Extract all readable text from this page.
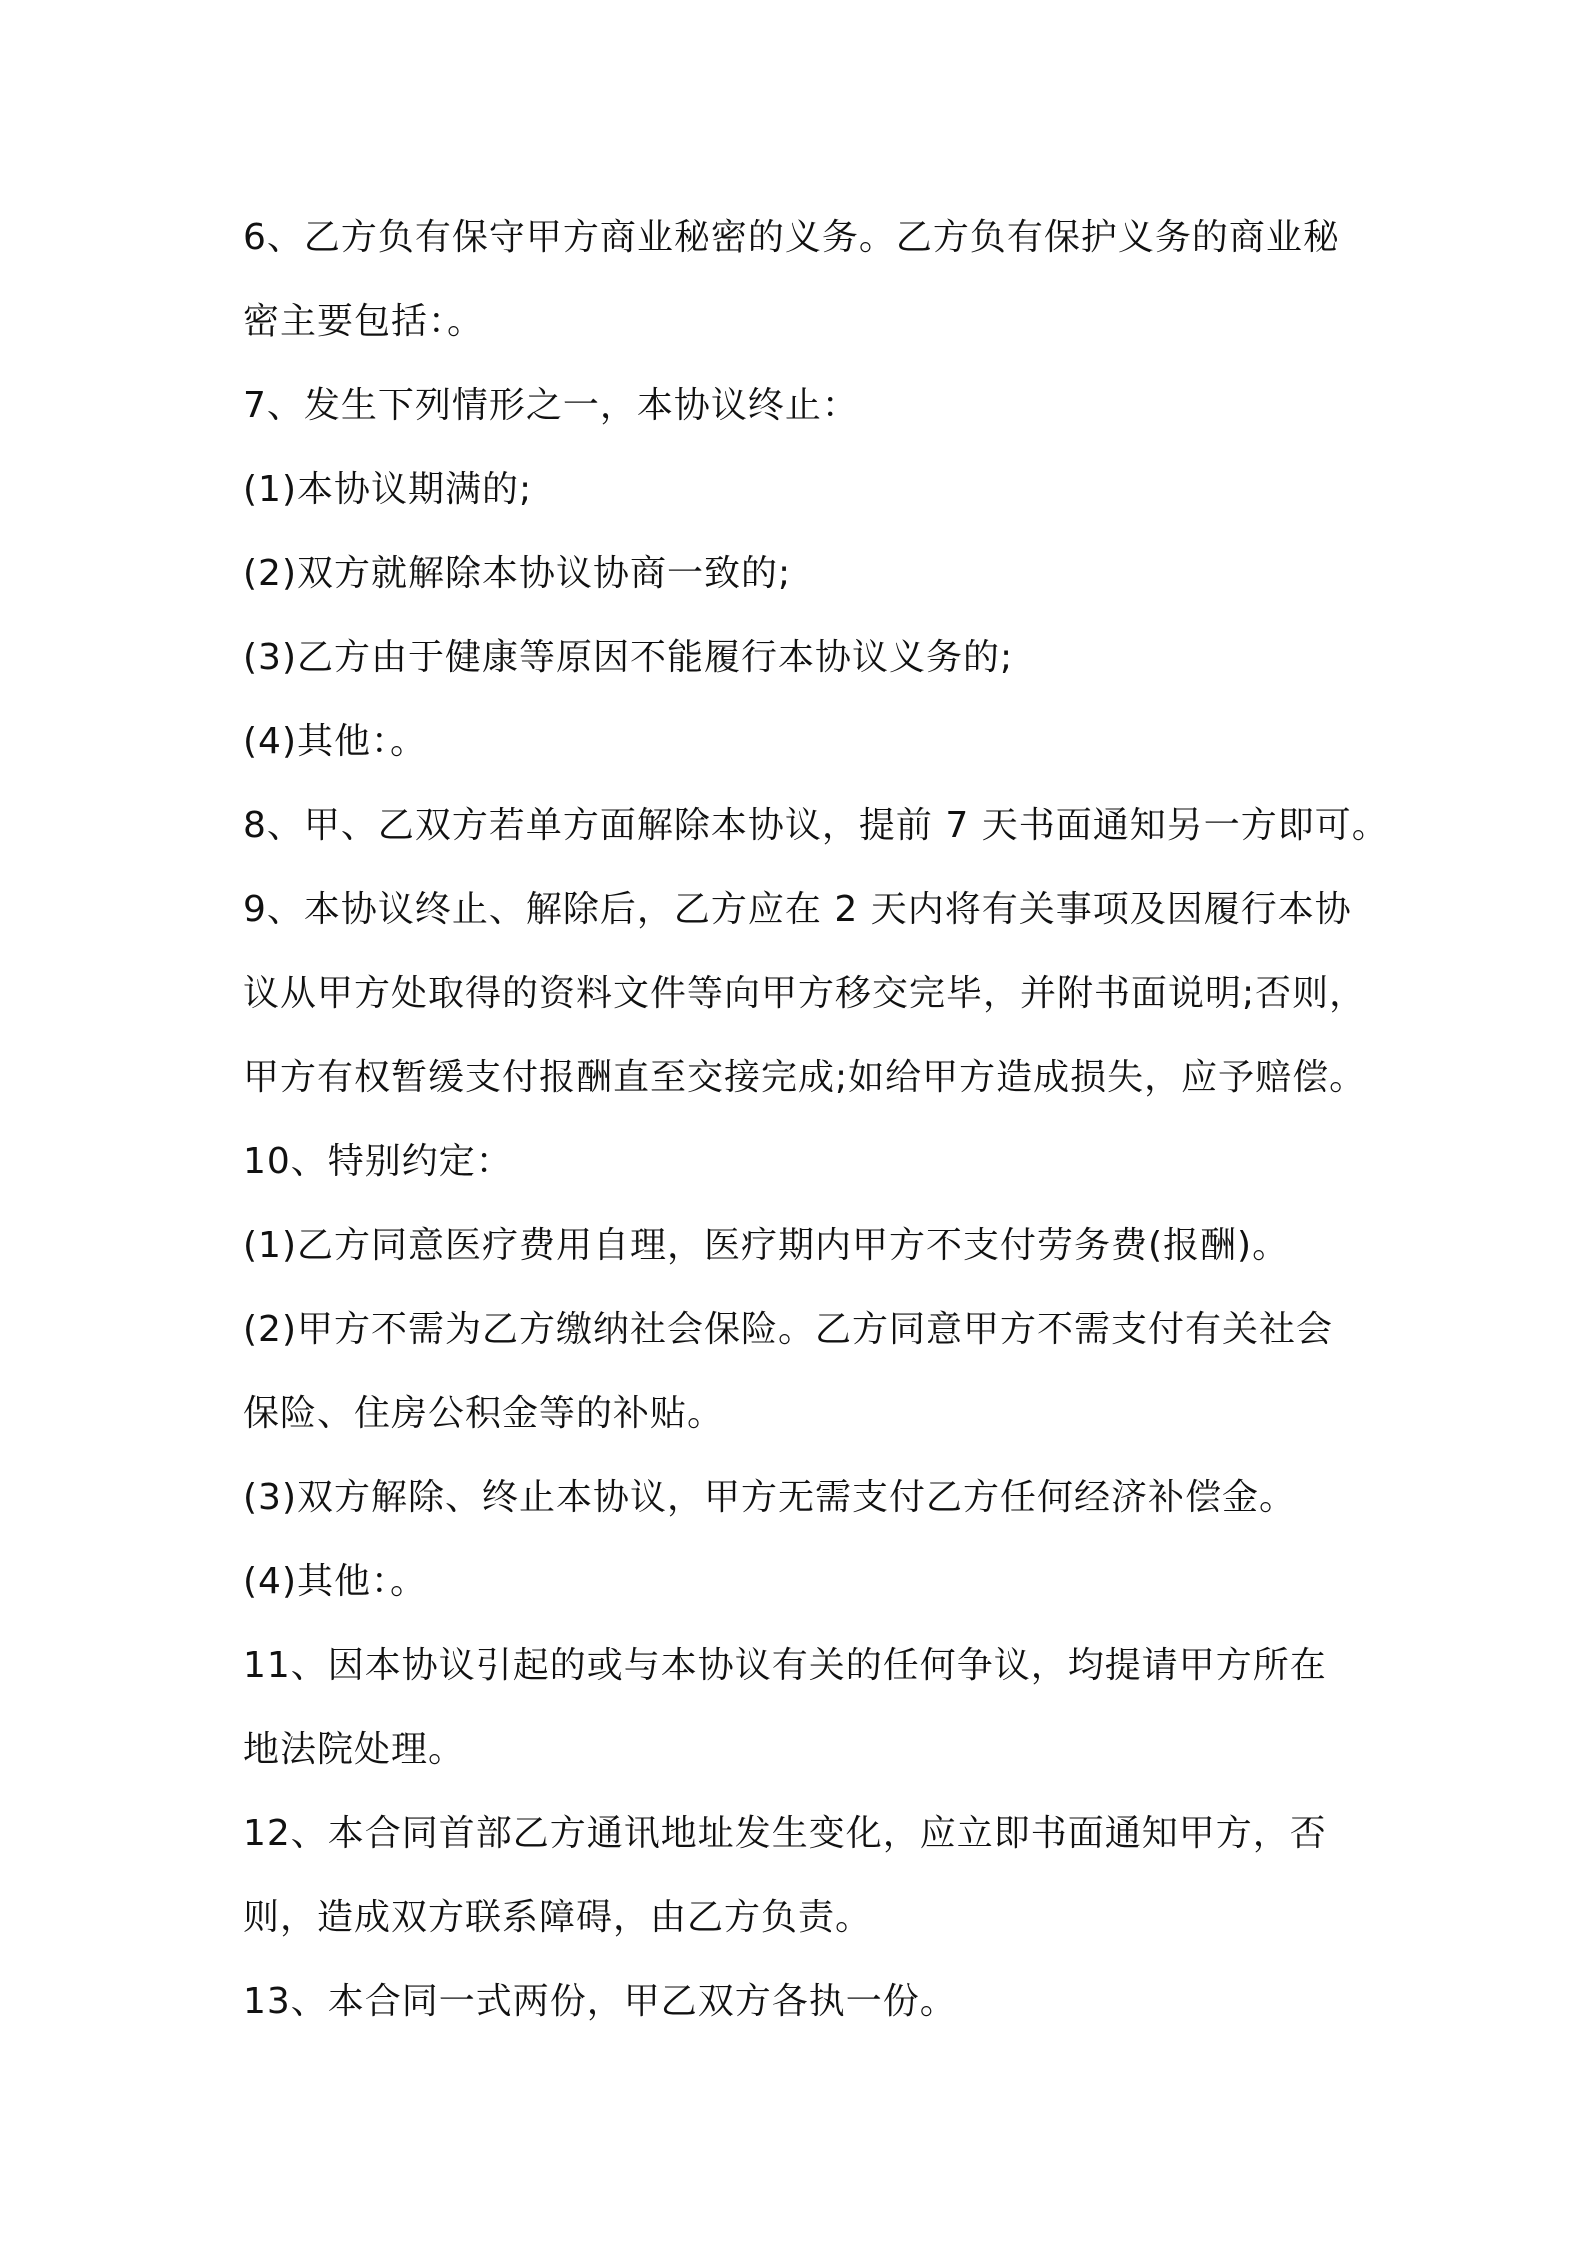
6、乙方负有保守甲方商业秘密的义务。乙方负有保护义务的商业秘
密主要包括：。
7、发生下列情形之一，本协议终止：
(1)本协议期满的;
(2)双方就解除本协议协商一致的;
(3)乙方由于健康等原因不能履行本协议义务的;
(4)其他：。
8、甲、乙双方若单方面解除本协议，提前 7 天书面通知另一方即可。
9、本协议终止、解除后，乙方应在 2 天内将有关事项及因履行本协
议从甲方处取得的资料文件等向甲方移交完毕，并附书面说明;否则，
甲方有权暂缓支付报酬直至交接完成;如给甲方造成损失，应予赔偿。
10、特别约定：
(1)乙方同意医疗费用自理，医疗期内甲方不支付劳务费(报酬)。
(2)甲方不需为乙方缴纳社会保险。乙方同意甲方不需支付有关社会
保险、住房公积金等的补贴。
(3)双方解除、终止本协议，甲方无需支付乙方任何经济补偿金。
(4)其他：。
11、因本协议引起的或与本协议有关的任何争议，均提请甲方所在
地法院处理。
12、本合同首部乙方通讯地址发生变化，应立即书面通知甲方，否
则，造成双方联系障碍，由乙方负责。
13、本合同一式两份，甲乙双方各执一份。
